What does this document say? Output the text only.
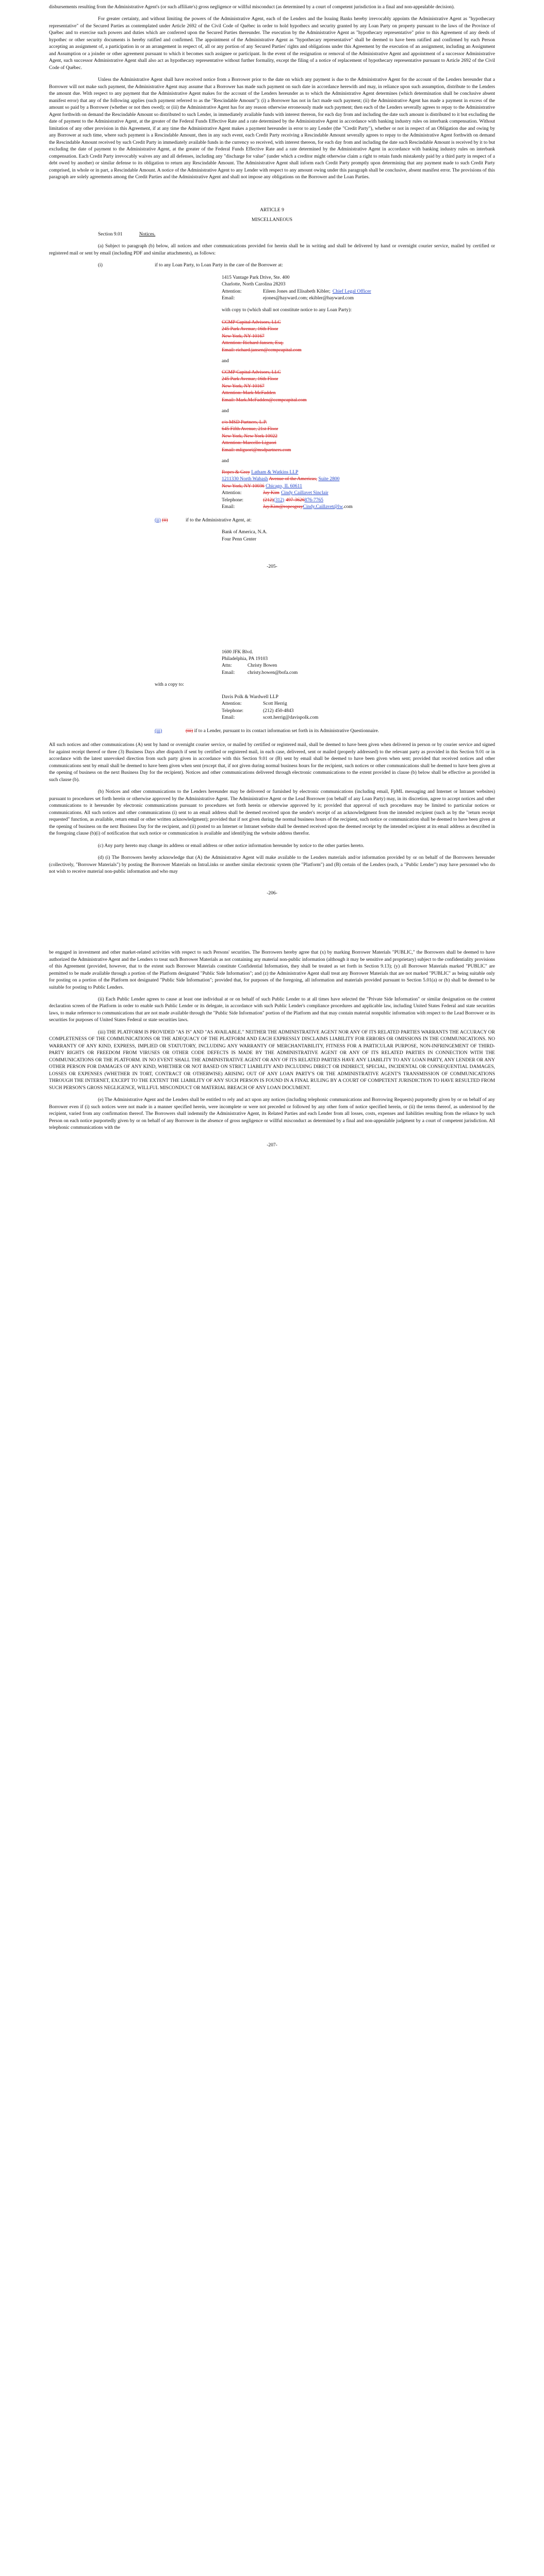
disbursements resulting from the Administrative Agent's (or such affiliate's) gross negligence or willful misconduct (as determined by a court of competent jurisdiction in a final and non-appealable decision).

For greater certainty, and without limiting the powers of the Administrative Agent, each of the Lenders and the Issuing Banks hereby irrevocably appoints the Administrative Agent as "hypothecary representative" of the Secured Parties as contemplated under Article 2692 of the Civil Code of Québec in order to hold hypothecs and security granted by any Loan Party on property pursuant to the laws of the Province of Québec and to exercise such powers and duties which are conferred upon the Secured Parties thereunder. The execution by the Administrative Agent as "hypothecary representative" prior to this Agreement of any deeds of hypothec or other security documents is hereby ratified and confirmed. The appointment of the Administrative Agent as "hypothecary representative" shall be deemed to have been ratified and confirmed by each Person accepting an assignment of, a participation in or an arrangement in respect of, all or any portion of any Secured Parties' rights and obligations under this Agreement by the execution of an assignment, including an Assignment and Assumption or a joinder or other agreement pursuant to which it becomes such assignee or participant. In the event of the resignation or removal of the Administrative Agent and appointment of a successor Administrative Agent, such successor Administrative Agent shall also act as hypothecary representative without further formality, except the filing of a notice of replacement of hypothecary representative pursuant to Article 2692 of the Civil Code of Québec.

Unless the Administrative Agent shall have received notice from a Borrower prior to the date on which any payment is due to the Administrative Agent for the account of the Lenders hereunder that a Borrower will not make such payment, the Administrative Agent may assume that a Borrower has made such payment on such date in accordance herewith and may, in reliance upon such assumption, distribute to the Lenders the amount due. With respect to any payment that the Administrative Agent makes for the account of the Lenders hereunder as to which the Administrative Agent determines (which determination shall be conclusive absent manifest error) that any of the following applies (such payment referred to as the "Rescindable Amount"): (i) a Borrower has not in fact made such payment; (ii) the Administrative Agent has made a payment in excess of the amount so paid by a Borrower (whether or not then owed); or (iii) the Administrative Agent has for any reason otherwise erroneously made such payment; then each of the Lenders severally agrees to repay to the Administrative Agent forthwith on demand the Rescindable Amount so distributed to such Lender, in immediately available funds with interest thereon, for each day from and including the date such amount is distributed to it but excluding the date of payment to the Administrative Agent, at the greater of the Federal Funds Effective Rate and a rate determined by the Administrative Agent in accordance with banking industry rules on interbank compensation. Without limitation of any other provision in this Agreement, if at any time the Administrative Agent makes a payment hereunder in error to any Lender (the "Credit Party"), whether or not in respect of an Obligation due and owing by any Borrower at such time, where such payment is a Rescindable Amount, then in any such event, each Credit Party receiving a Rescindable Amount severally agrees to repay to the Administrative Agent forthwith on demand the Rescindable Amount received by such Credit Party in immediately available funds in the currency so received, with interest thereon, for each day from and including the date such Rescindable Amount is received by it to but excluding the date of payment to the Administrative Agent, at the greater of the Federal Funds Effective Rate and a rate determined by the Administrative Agent in accordance with banking industry rules on interbank compensation. Each Credit Party irrevocably waives any and all defenses, including any "discharge for value" (under which a creditor might otherwise claim a right to retain funds mistakenly paid by a third party in respect of a debt owed by another) or similar defense to its obligation to return any Rescindable Amount. The Administrative Agent shall inform each Credit Party promptly upon determining that any payment made to such Credit Party comprised, in whole or in part, a Rescindable Amount. A notice of the Administrative Agent to any Lender with respect to any amount owing under this paragraph shall be conclusive, absent manifest error. The provisions of this paragraph are solely agreements among the Credit Parties and the Administrative Agent and shall not impose any obligations on the Borrower and the Loan Parties.

ARTICLE 9
MISCELLANEOUS
Section 9.01	Notices.

(a) Subject to paragraph (b) below, all notices and other communications provided for herein shall be in writing and shall be delivered by hand or overnight courier service, mailed by certified or registered mail or sent by email (including PDF and similar attachments), as follows:

(i)	if to any Loan Party, to Loan Party in the care of the Borrower at:
1415 Vantage Park Drive, Ste. 400
Charlotte, North Carolina 28203
Attention:	Eileen Jones and Elisabeth Kibler; Chief Legal Officer
Email:	ejones@hayward.com; ekibler@hayward.com
with copy to (which shall not constitute notice to any Loan Party):
CCMP Capital Advisors, LLC
245 Park Avenue, 16th Floor
New York, NY 10167
Attention: Richard Jansen, Esq.
Email: richard.jansen@ccmpcapital.com
and
CCMP Capital Advisors, LLC
245 Park Avenue, 16th Floor
New York, NY 10167
Attention: Mark McFadden
Email: Mark.McFadden@ccmpcapital.com
and
c/o MSD Partners, L.P.
645 Fifth Avenue, 21st Floor
New York, New York 10022
Attention: Marcello Liguori
Email: mliguori@msdpartners.com
and
Ropes & Gray Latham & Watkins LLP
1211330 North Wabash Avenue of the Americas, Suite 2800
New York, NY 10036 Chicago, IL 60611
Attention:	Jay Kim Cindy Caillavet Sinclair
Telephone:	(212) (312) 497-3626 876-7765
Email:	Jay.Kim@ropesgray Cindy.Caillavet@lw .com
(ii) (ii)	if to the Administrative Agent, at:
Bank of America, N.A.
Four Penn Center
-205-
1600 JFK Blvd.
Philadelphia, PA 19103
Attn:	Christy Bowen
Email:	christy.bowen@bofa.com
with a copy to:
Davis Polk & Wardwell LLP
Attention:	Scott Herrig
Telephone:	(212) 450-4843
Email:	scott.herrig@davispolk.com
(iii)	(iii) if to a Lender, pursuant to its contact information set forth in its Administrative Questionnaire.

All such notices and other communications (A) sent by hand or overnight courier service, or mailed by certified or registered mail, shall be deemed to have been given when delivered in person or by courier service and signed for against receipt thereof or three (3) Business Days after dispatch if sent by certified or registered mail, in each case, delivered, sent or mailed (properly addressed) to the relevant party as provided in this Section 9.01 or in accordance with the latest unrevoked direction from such party given in accordance with this Section 9.01 or (B) sent by email shall be deemed to have been given when sent; provided that received notices and other communications sent by email shall be deemed to have been given when sent (except that, if not given during normal business hours for the recipient, such notices or other communications shall be deemed to have been given at the opening of business on the next Business Day for the recipient). Notices and other communications delivered through electronic communications to the extent provided in clause (b) below shall be effective as provided in such clause (b).

(b) Notices and other communications to the Lenders hereunder may be delivered or furnished by electronic communications (including email, FpML messaging and Internet or Intranet websites) pursuant to procedures set forth herein or otherwise approved by the Administrative Agent. The Administrative Agent or the Lead Borrower (on behalf of any Loan Party) may, in its discretion, agree to accept notices and other communications to it hereunder by electronic communications pursuant to procedures set forth herein or otherwise approved by it; provided that approval of such procedures may be limited to particular notices or communications. All such notices and other communications (i) sent to an email address shall be deemed received upon the sender's receipt of an acknowledgment from the intended recipient (such as by the "return receipt requested" function, as available, return email or other written acknowledgment); provided that if not given during the normal business hours of the recipient, such notice or communication shall be deemed to have been given at the opening of business on the next Business Day for the recipient, and (ii) posted to an Internet or Intranet website shall be deemed received upon the deemed receipt by the intended recipient at its email address as described in the foregoing clause (b)(i) of notification that such notice or communication is available and identifying the website address therefor.

(c) Any party hereto may change its address or email address or other notice information hereunder by notice to the other parties hereto.

(d) (i) The Borrowers hereby acknowledge that (A) the Administrative Agent will make available to the Lenders materials and/or information provided by or on behalf of the Borrowers hereunder (collectively, "Borrower Materials") by posting the Borrower Materials on IntraLinks or another similar electronic system (the "Platform") and (B) certain of the Lenders (each, a "Public Lender") may have personnel who do not wish to receive material non-public information and who may

-206-

be engaged in investment and other market-related activities with respect to such Persons' securities. The Borrowers hereby agree that (x) by marking Borrower Materials "PUBLIC," the Borrowers shall be deemed to have authorized the Administrative Agent and the Lenders to treat such Borrower Materials as not containing any material non-public information (although it may be sensitive and proprietary) subject to the confidentiality provisions of this Agreement (provided, however, that to the extent such Borrower Materials constitute Confidential Information, they shall be treated as set forth in Section 9.13); (y) all Borrower Materials marked "PUBLIC" are permitted to be made available through a portion of the Platform designated "Public Side Information"; and (z) the Administrative Agent shall treat any Borrower Materials that are not marked "PUBLIC" as being suitable only for posting on a portion of the Platform not designated "Public Side Information"; provided that, for purposes of the foregoing, all information and materials provided pursuant to Section 5.01(a) or (b) shall be deemed to be suitable for posting to Public Lenders.

(ii) Each Public Lender agrees to cause at least one individual at or on behalf of such Public Lender to at all times have selected the "Private Side Information" or similar designation on the content declaration screen of the Platform in order to enable such Public Lender or its delegate, in accordance with such Public Lender's compliance procedures and applicable law, including United States Federal and state securities laws, to make reference to communications that are not made available through the "Public Side Information" portion of the Platform and that may contain material nonpublic information with respect to the Lead Borrower or its securities for purposes of United States Federal or state securities laws.

(iii) THE PLATFORM IS PROVIDED "AS IS" AND "AS AVAILABLE." NEITHER THE ADMINISTRATIVE AGENT NOR ANY OF ITS RELATED PARTIES WARRANTS THE ACCURACY OR COMPLETENESS OF THE COMMUNICATIONS OR THE ADEQUACY OF THE PLATFORM AND EACH EXPRESSLY DISCLAIMS LIABILITY FOR ERRORS OR OMISSIONS IN THE COMMUNICATIONS. NO WARRANTY OF ANY KIND, EXPRESS, IMPLIED OR STATUTORY, INCLUDING ANY WARRANTY OF MERCHANTABILITY, FITNESS FOR A PARTICULAR PURPOSE, NON-INFRINGEMENT OF THIRD-PARTY RIGHTS OR FREEDOM FROM VIRUSES OR OTHER CODE DEFECTS IS MADE BY THE ADMINISTRATIVE AGENT OR ANY OF ITS RELATED PARTIES IN CONNECTION WITH THE COMMUNICATIONS OR THE PLATFORM. IN NO EVENT SHALL THE ADMINISTRATIVE AGENT OR ANY OF ITS RELATED PARTIES HAVE ANY LIABILITY TO ANY LOAN PARTY, ANY LENDER OR ANY OTHER PERSON FOR DAMAGES OF ANY KIND, WHETHER OR NOT BASED ON STRICT LIABILITY AND INCLUDING DIRECT OR INDIRECT, SPECIAL, INCIDENTAL OR CONSEQUENTIAL DAMAGES, LOSSES OR EXPENSES (WHETHER IN TORT, CONTRACT OR OTHERWISE) ARISING OUT OF ANY LOAN PARTY'S OR THE ADMINISTRATIVE AGENT'S TRANSMISSION OF COMMUNICATIONS THROUGH THE INTERNET, EXCEPT TO THE EXTENT THE LIABILITY OF ANY SUCH PERSON IS FOUND IN A FINAL RULING BY A COURT OF COMPETENT JURISDICTION TO HAVE RESULTED FROM SUCH PERSON'S GROSS NEGLIGENCE, WILLFUL MISCONDUCT OR MATERIAL BREACH OF ANY LOAN DOCUMENT.

(e) The Administrative Agent and the Lenders shall be entitled to rely and act upon any notices (including telephonic communications and Borrowing Requests) purportedly given by or on behalf of any Borrower even if (i) such notices were not made in a manner specified herein, were incomplete or were not preceded or followed by any other form of notice specified herein, or (ii) the terms thereof, as understood by the recipient, varied from any confirmation thereof. The Borrowers shall indemnify the Administrative Agent, its Related Parties and each Lender from all losses, costs, expenses and liabilities resulting from the reliance by such Person on each notice purportedly given by or on behalf of any Borrower in the absence of gross negligence or willful misconduct as determined by a final and non-appealable judgment by a court of competent jurisdiction. All telephonic communications with the

-207-
